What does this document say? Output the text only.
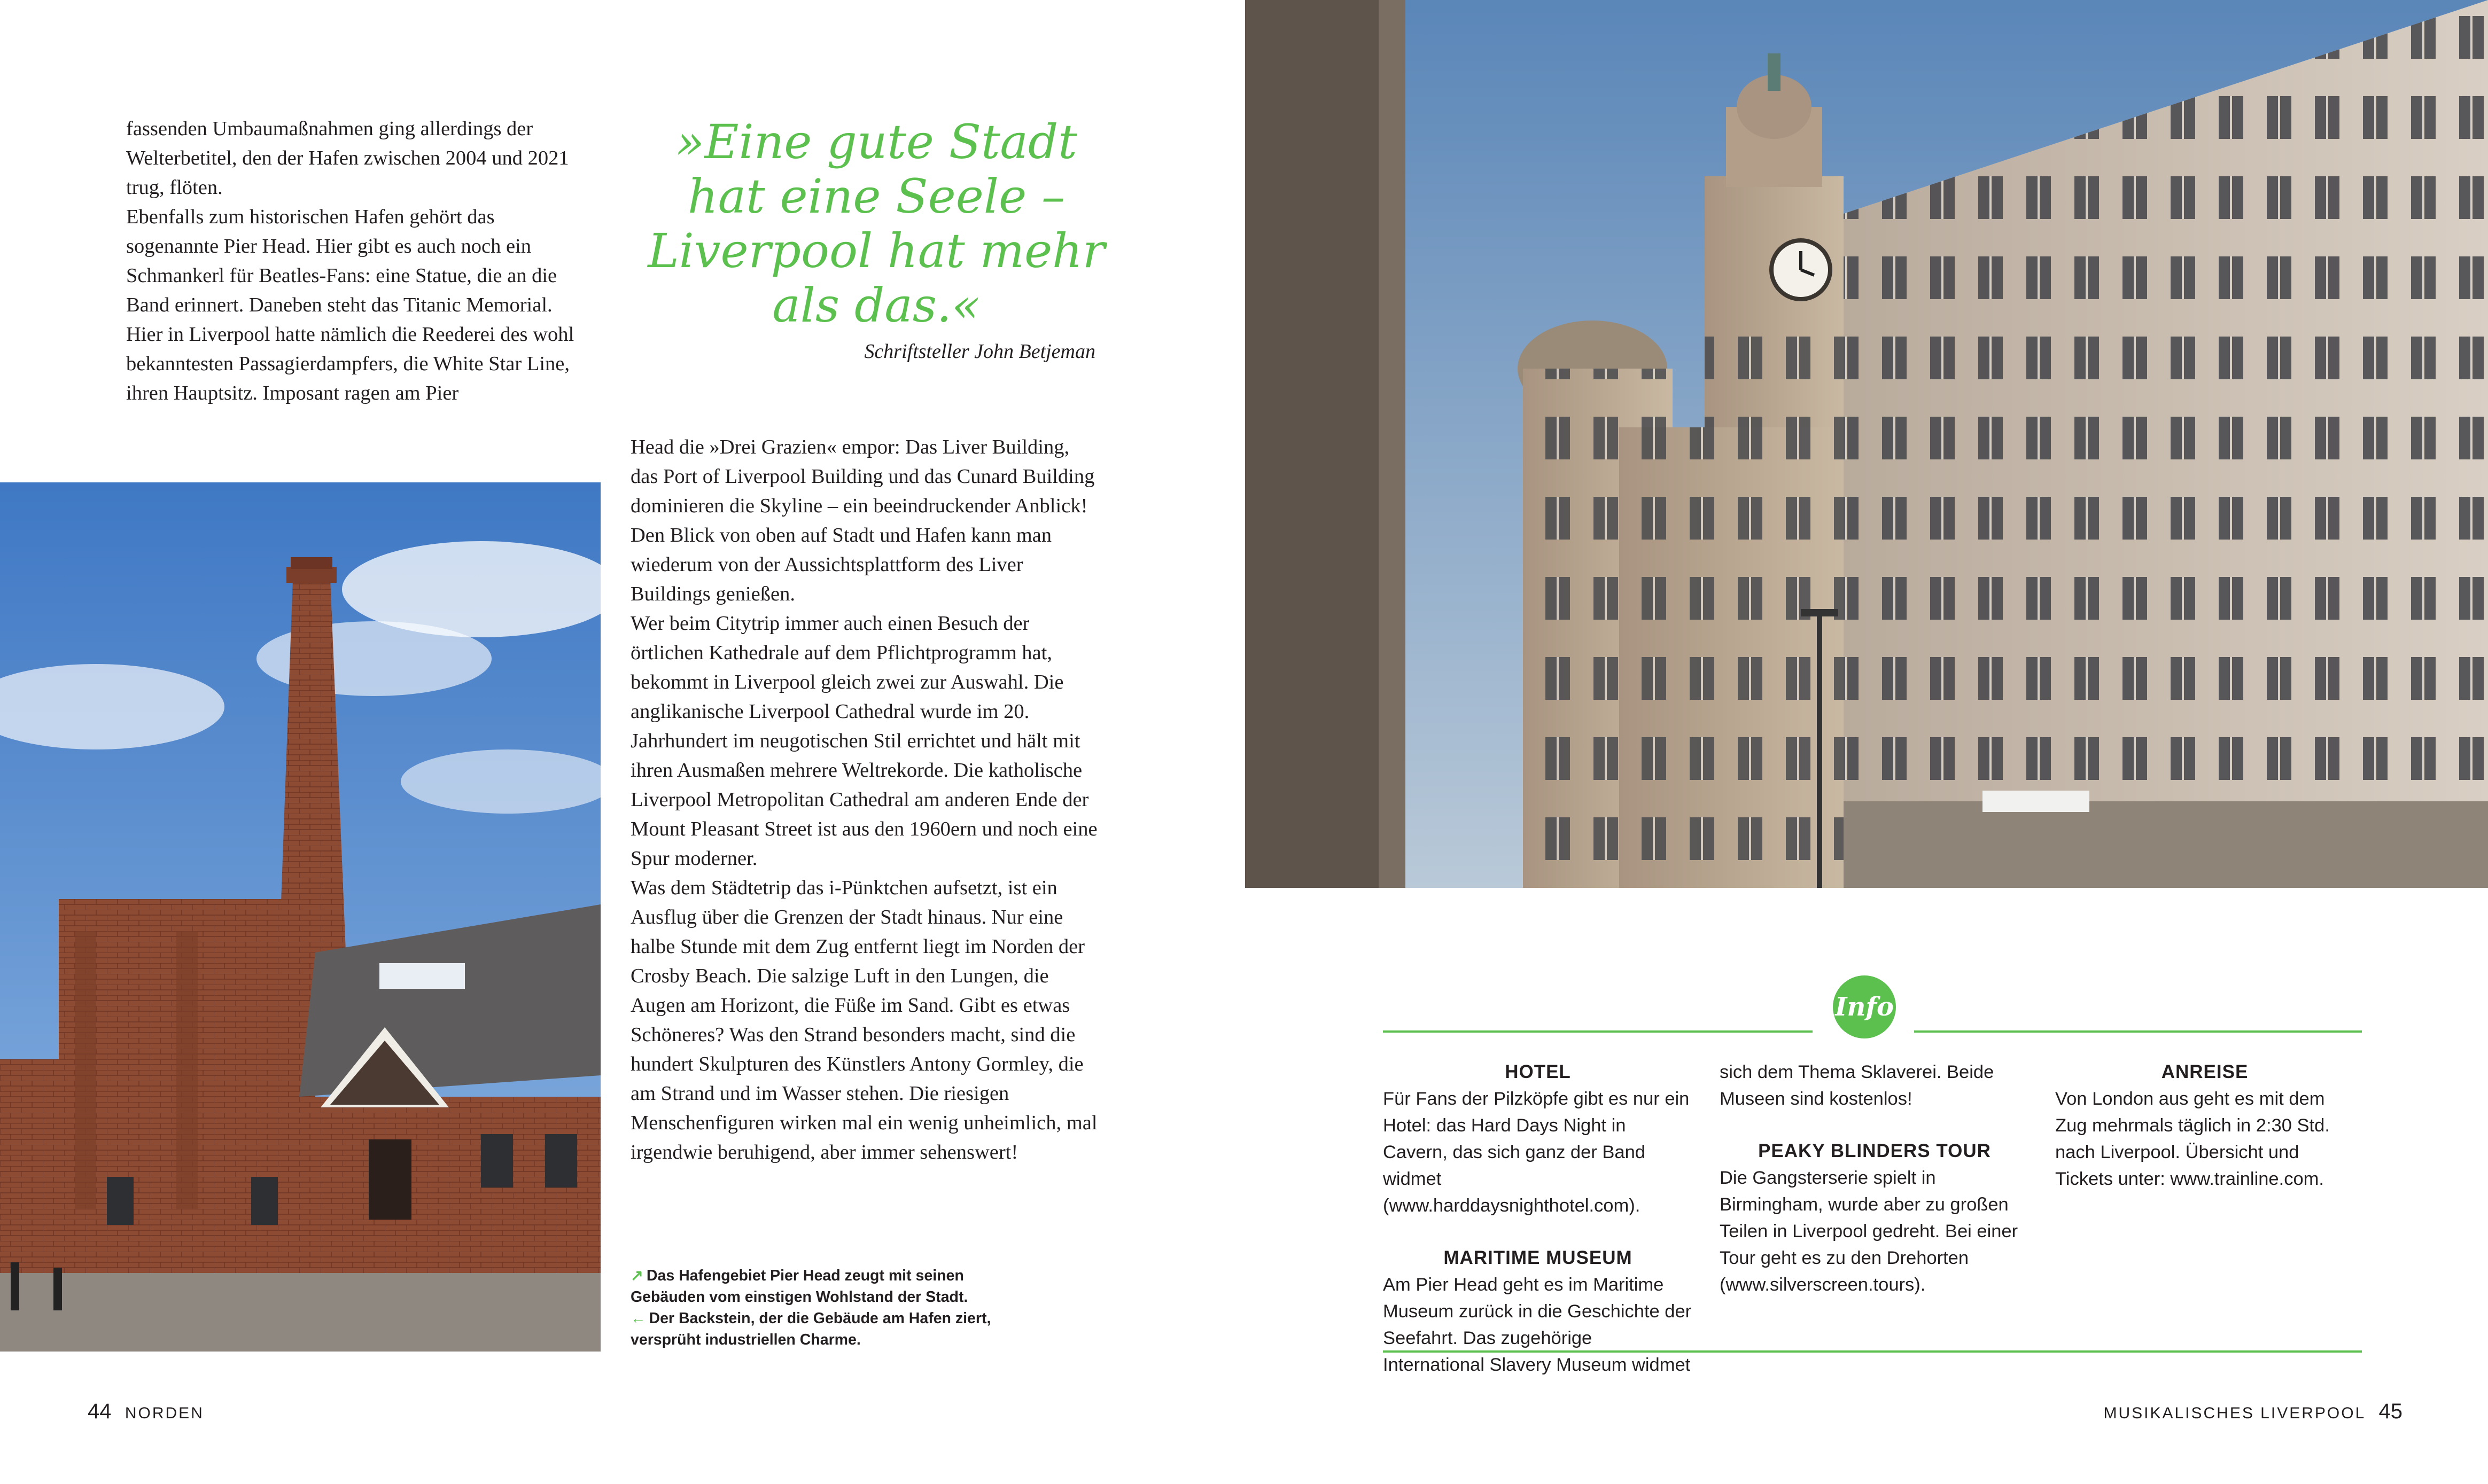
fassenden Umbaumaßnahmen ging allerdings der Welterbetitel, den der Hafen zwischen 2004 und 2021 trug, flöten.

Ebenfalls zum historischen Hafen gehört das sogenannte Pier Head. Hier gibt es auch noch ein Schmankerl für Beatles-Fans: eine Statue, die an die Band erinnert. Daneben steht das Titanic Memorial. Hier in Liverpool hatte nämlich die Reederei des wohl bekanntesten Passagierdampfers, die White Star Line, ihren Hauptsitz. Imposant ragen am Pier

»Eine gute Stadt hat eine Seele – Liverpool hat mehr als das.«
Schriftsteller John Betjeman

Head die »Drei Grazien« empor: Das Liver Building, das Port of Liverpool Building und das Cunard Building dominieren die Skyline – ein beeindruckender Anblick! Den Blick von oben auf Stadt und Hafen kann man wiederum von der Aussichtsplattform des Liver Buildings genießen.

Wer beim Citytrip immer auch einen Besuch der örtlichen Kathedrale auf dem Pflichtprogramm hat, bekommt in Liverpool gleich zwei zur Auswahl. Die anglikanische Liverpool Cathedral wurde im 20. Jahrhundert im neugotischen Stil errichtet und hält mit ihren Ausmaßen mehrere Weltrekorde. Die katholische Liverpool Metropolitan Cathedral am anderen Ende der Mount Pleasant Street ist aus den 1960ern und noch eine Spur moderner.

Was dem Städtetrip das i-Pünktchen aufsetzt, ist ein Ausflug über die Grenzen der Stadt hinaus. Nur eine halbe Stunde mit dem Zug entfernt liegt im Norden der Crosby Beach. Die salzige Luft in den Lungen, die Augen am Horizont, die Füße im Sand. Gibt es etwas Schöneres? Was den Strand besonders macht, sind die hundert Skulpturen des Künstlers Antony Gormley, die am Strand und im Wasser stehen. Die riesigen Menschenfiguren wirken mal ein wenig unheimlich, mal irgendwie beruhigend, aber immer sehenswert!

↗ Das Hafengebiet Pier Head zeugt mit seinen Gebäuden vom einstigen Wohlstand der Stadt.
← Der Backstein, der die Gebäude am Hafen ziert, versprüht industriellen Charme.
44 NORDEN
Info
HOTEL

Für Fans der Pilzköpfe gibt es nur ein Hotel: das Hard Days Night in Cavern, das sich ganz der Band widmet (www.harddaysnighthotel.com).

MARITIME MUSEUM

Am Pier Head geht es im Maritime Museum zurück in die Geschichte der Seefahrt. Das zugehörige International Slavery Museum widmet

sich dem Thema Sklaverei. Beide Museen sind kostenlos!

PEAKY BLINDERS TOUR

Die Gangsterserie spielt in Birmingham, wurde aber zu großen Teilen in Liverpool gedreht. Bei einer Tour geht es zu den Drehorten (www.silverscreen.tours).

ANREISE

Von London aus geht es mit dem Zug mehrmals täglich in 2:30 Std. nach Liverpool. Übersicht und Tickets unter: www.trainline.com.

MUSIKALISCHES LIVERPOOL 45
